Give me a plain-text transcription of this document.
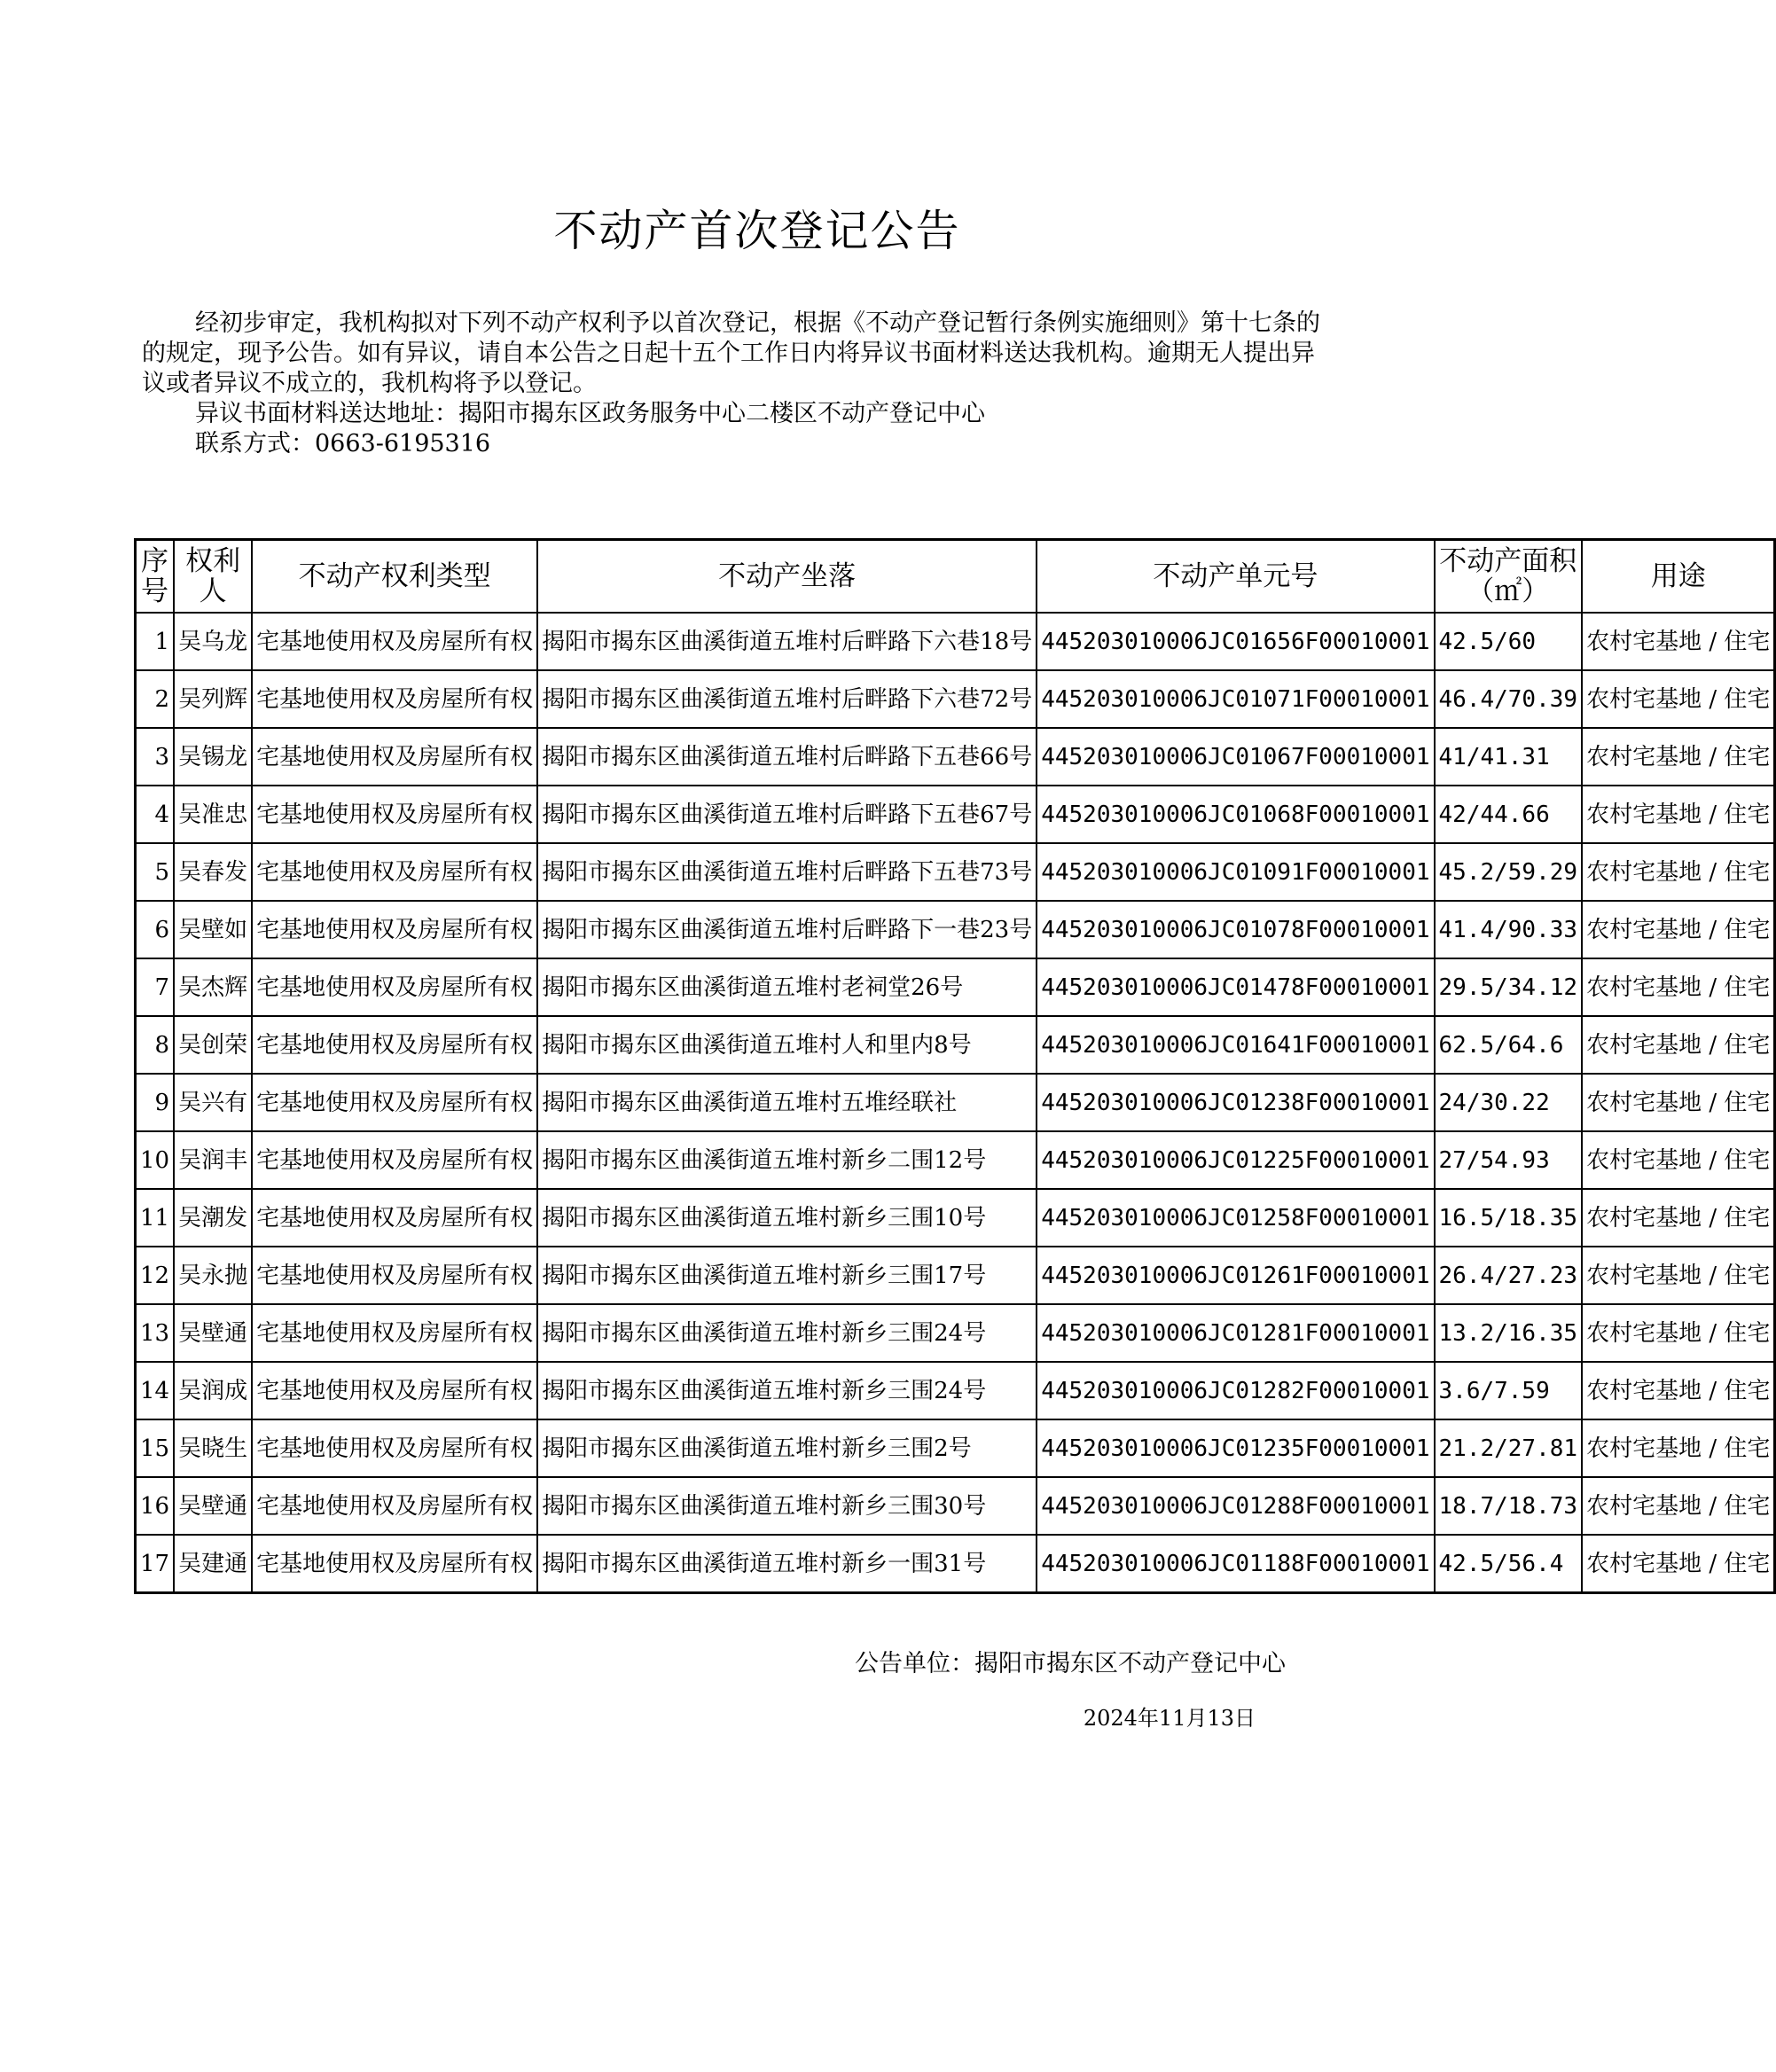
不动产首次登记公告

经初步审定，我机构拟对下列不动产权利予以首次登记，根据《不动产登记暂行条例实施细则》第十七条的的规定，现予公告。如有异议，请自本公告之日起十五个工作日内将异议书面材料送达我机构。逾期无人提出异议或者异议不成立的，我机构将予以登记。

异议书面材料送达地址：揭阳市揭东区政务服务中心二楼区不动产登记中心

联系方式：0663-6195316

序号	权利人	不动产权利类型	不动产坐落	不动产单元号	不动产面积（㎡）	用途
1	吴乌龙	宅基地使用权及房屋所有权	揭阳市揭东区曲溪街道五堆村后畔路下六巷18号	445203010006JC01656F00010001	42.5/60	农村宅基地 / 住宅
2	吴列辉	宅基地使用权及房屋所有权	揭阳市揭东区曲溪街道五堆村后畔路下六巷72号	445203010006JC01071F00010001	46.4/70.39	农村宅基地 / 住宅
3	吴锡龙	宅基地使用权及房屋所有权	揭阳市揭东区曲溪街道五堆村后畔路下五巷66号	445203010006JC01067F00010001	41/41.31	农村宅基地 / 住宅
4	吴准忠	宅基地使用权及房屋所有权	揭阳市揭东区曲溪街道五堆村后畔路下五巷67号	445203010006JC01068F00010001	42/44.66	农村宅基地 / 住宅
5	吴春发	宅基地使用权及房屋所有权	揭阳市揭东区曲溪街道五堆村后畔路下五巷73号	445203010006JC01091F00010001	45.2/59.29	农村宅基地 / 住宅
6	吴壁如	宅基地使用权及房屋所有权	揭阳市揭东区曲溪街道五堆村后畔路下一巷23号	445203010006JC01078F00010001	41.4/90.33	农村宅基地 / 住宅
7	吴杰辉	宅基地使用权及房屋所有权	揭阳市揭东区曲溪街道五堆村老祠堂26号	445203010006JC01478F00010001	29.5/34.12	农村宅基地 / 住宅
8	吴创荣	宅基地使用权及房屋所有权	揭阳市揭东区曲溪街道五堆村人和里内8号	445203010006JC01641F00010001	62.5/64.6	农村宅基地 / 住宅
9	吴兴有	宅基地使用权及房屋所有权	揭阳市揭东区曲溪街道五堆村五堆经联社	445203010006JC01238F00010001	24/30.22	农村宅基地 / 住宅
10	吴润丰	宅基地使用权及房屋所有权	揭阳市揭东区曲溪街道五堆村新乡二围12号	445203010006JC01225F00010001	27/54.93	农村宅基地 / 住宅
11	吴潮发	宅基地使用权及房屋所有权	揭阳市揭东区曲溪街道五堆村新乡三围10号	445203010006JC01258F00010001	16.5/18.35	农村宅基地 / 住宅
12	吴永抛	宅基地使用权及房屋所有权	揭阳市揭东区曲溪街道五堆村新乡三围17号	445203010006JC01261F00010001	26.4/27.23	农村宅基地 / 住宅
13	吴壁通	宅基地使用权及房屋所有权	揭阳市揭东区曲溪街道五堆村新乡三围24号	445203010006JC01281F00010001	13.2/16.35	农村宅基地 / 住宅
14	吴润成	宅基地使用权及房屋所有权	揭阳市揭东区曲溪街道五堆村新乡三围24号	445203010006JC01282F00010001	3.6/7.59	农村宅基地 / 住宅
15	吴晓生	宅基地使用权及房屋所有权	揭阳市揭东区曲溪街道五堆村新乡三围2号	445203010006JC01235F00010001	21.2/27.81	农村宅基地 / 住宅
16	吴壁通	宅基地使用权及房屋所有权	揭阳市揭东区曲溪街道五堆村新乡三围30号	445203010006JC01288F00010001	18.7/18.73	农村宅基地 / 住宅
17	吴建通	宅基地使用权及房屋所有权	揭阳市揭东区曲溪街道五堆村新乡一围31号	445203010006JC01188F00010001	42.5/56.4	农村宅基地 / 住宅
公告单位：揭阳市揭东区不动产登记中心
2024年11月13日
